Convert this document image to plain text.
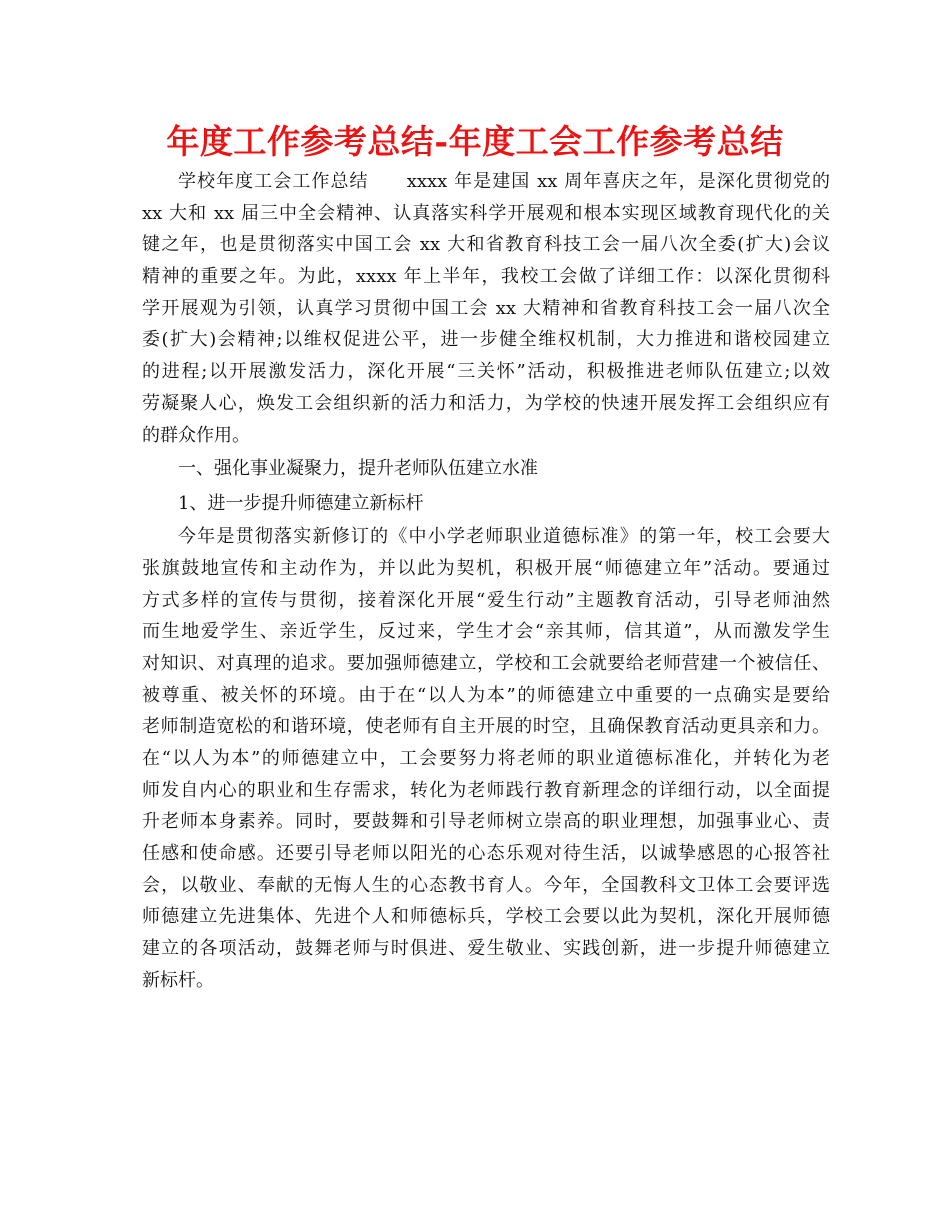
年度工作参考总结-年度工会工作参考总结
学校年度工会工作总结　　xxxx 年是建国 xx 周年喜庆之年，是深化贯彻党的
xx 大和 xx 届三中全会精神、认真落实科学开展观和根本实现区域教育现代化的关
键之年，也是贯彻落实中国工会 xx 大和省教育科技工会一届八次全委(扩大)会议
精神的重要之年。为此，xxxx 年上半年，我校工会做了详细工作：以深化贯彻科
学开展观为引领，认真学习贯彻中国工会 xx 大精神和省教育科技工会一届八次全
委(扩大)会精神;以维权促进公平，进一步健全维权机制，大力推进和谐校园建立
的进程;以开展激发活力，深化开展“三关怀”活动，积极推进老师队伍建立;以效
劳凝聚人心，焕发工会组织新的活力和活力，为学校的快速开展发挥工会组织应有
的群众作用。
一、强化事业凝聚力，提升老师队伍建立水准
1、进一步提升师德建立新标杆
今年是贯彻落实新修订的《中小学老师职业道德标准》的第一年，校工会要大
张旗鼓地宣传和主动作为，并以此为契机，积极开展“师德建立年”活动。要通过
方式多样的宣传与贯彻，接着深化开展“爱生行动”主题教育活动，引导老师油然
而生地爱学生、亲近学生，反过来，学生才会“亲其师，信其道”，从而激发学生
对知识、对真理的追求。要加强师德建立，学校和工会就要给老师营建一个被信任、
被尊重、被关怀的环境。由于在“以人为本”的师德建立中重要的一点确实是要给
老师制造宽松的和谐环境，使老师有自主开展的时空，且确保教育活动更具亲和力。
在“以人为本”的师德建立中，工会要努力将老师的职业道德标准化，并转化为老
师发自内心的职业和生存需求，转化为老师践行教育新理念的详细行动，以全面提
升老师本身素养。同时，要鼓舞和引导老师树立崇高的职业理想，加强事业心、责
任感和使命感。还要引导老师以阳光的心态乐观对待生活，以诚挚感恩的心报答社
会，以敬业、奉献的无悔人生的心态教书育人。今年，全国教科文卫体工会要评选
师德建立先进集体、先进个人和师德标兵，学校工会要以此为契机，深化开展师德
建立的各项活动，鼓舞老师与时俱进、爱生敬业、实践创新，进一步提升师德建立
新标杆。
